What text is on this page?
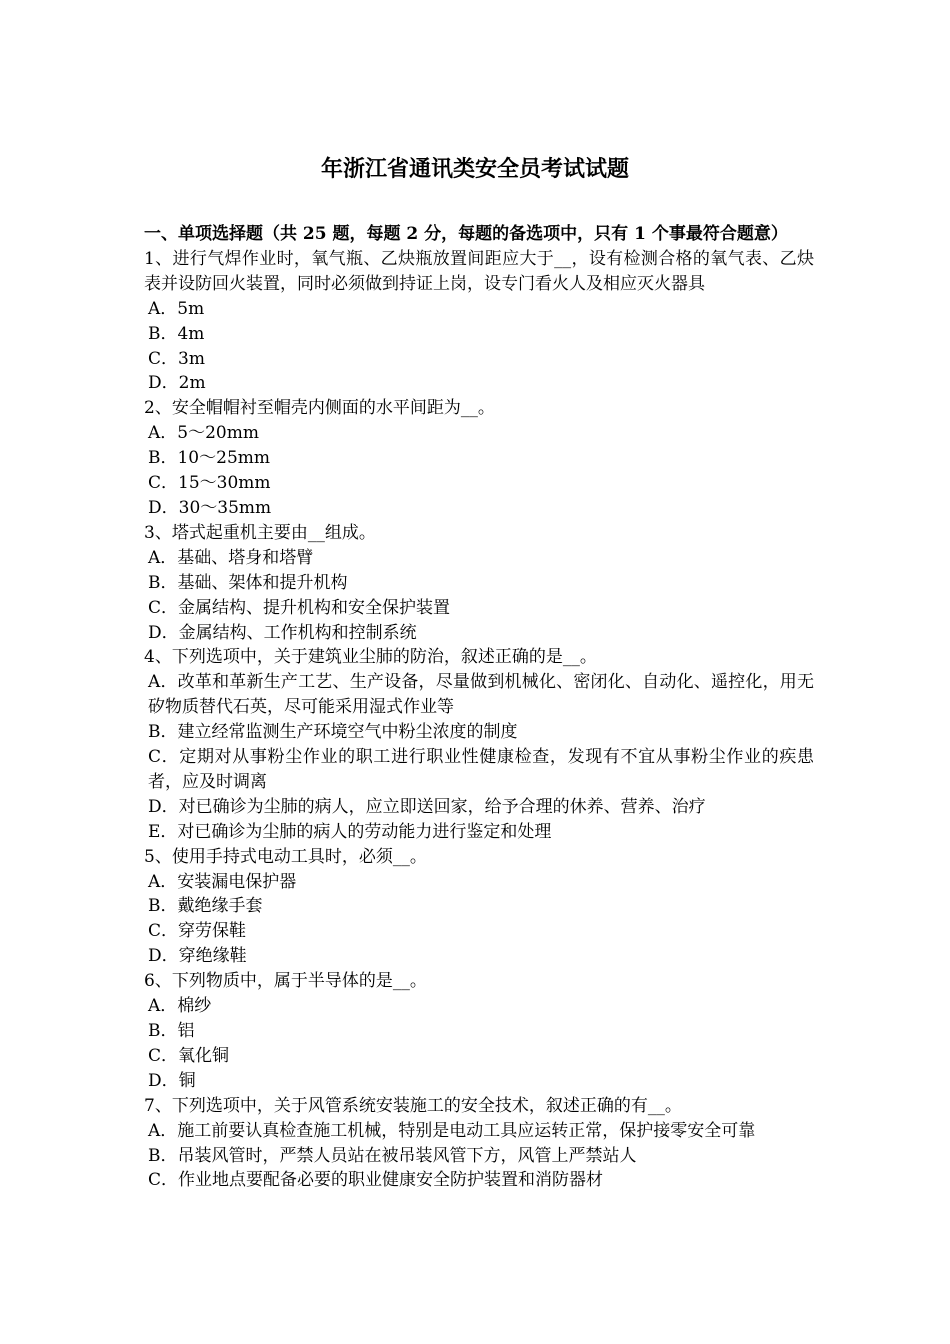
年浙江省通讯类安全员考试试题
一、单项选择题（共 25 题，每题 2 分，每题的备选项中，只有 1 个事最符合题意）
1、进行气焊作业时，氧气瓶、乙炔瓶放置间距应大于__，设有检测合格的氧气表、乙炔表并设防回火装置，同时必须做到持证上岗，设专门看火人及相应灭火器具
A．5m
B．4m
C．3m
D．2m
2、安全帽帽衬至帽壳内侧面的水平间距为__。
A．5～20mm
B．10～25mm
C．15～30mm
D．30～35mm
3、塔式起重机主要由__组成。
A．基础、塔身和塔臂
B．基础、架体和提升机构
C．金属结构、提升机构和安全保护装置
D．金属结构、工作机构和控制系统
4、下列选项中，关于建筑业尘肺的防治，叙述正确的是__。
A．改革和革新生产工艺、生产设备，尽量做到机械化、密闭化、自动化、遥控化，用无矽物质替代石英，尽可能采用湿式作业等
B．建立经常监测生产环境空气中粉尘浓度的制度
C．定期对从事粉尘作业的职工进行职业性健康检查，发现有不宜从事粉尘作业的疾患者，应及时调离
D．对已确诊为尘肺的病人，应立即送回家，给予合理的休养、营养、治疗
E．对已确诊为尘肺的病人的劳动能力进行鉴定和处理
5、使用手持式电动工具时，必须__。
A．安装漏电保护器
B．戴绝缘手套
C．穿劳保鞋
D．穿绝缘鞋
6、下列物质中，属于半导体的是__。
A．棉纱
B．铝
C．氧化铜
D．铜
7、下列选项中，关于风管系统安装施工的安全技术，叙述正确的有__。
A．施工前要认真检查施工机械，特别是电动工具应运转正常，保护接零安全可靠
B．吊装风管时，严禁人员站在被吊装风管下方，风管上严禁站人
C．作业地点要配备必要的职业健康安全防护装置和消防器材
